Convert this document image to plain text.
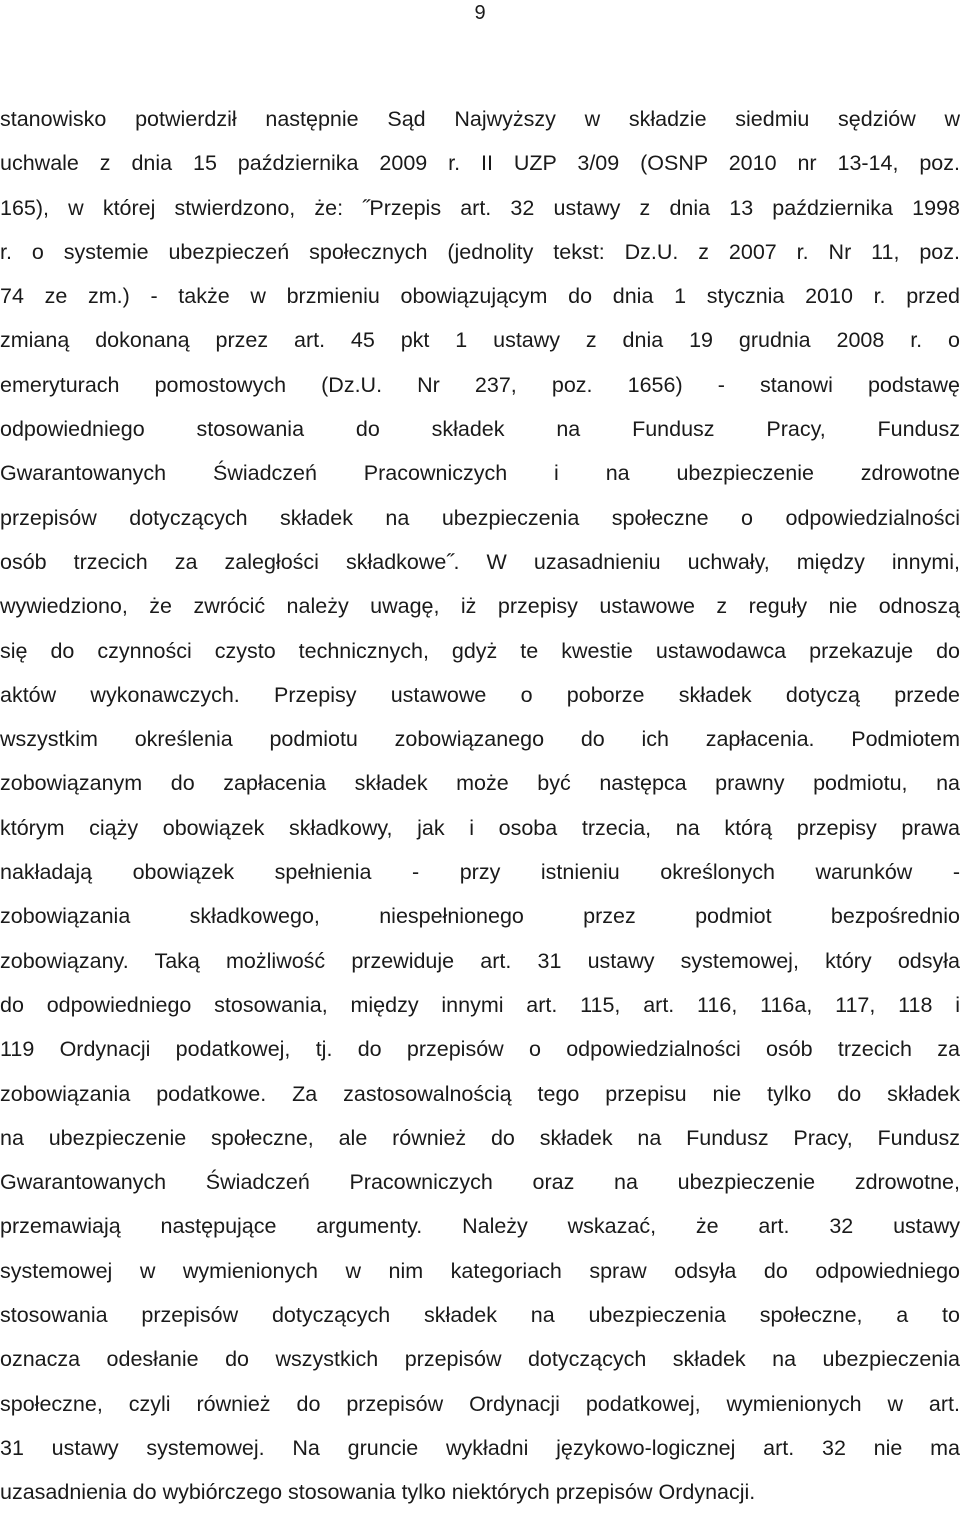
9
stanowisko potwierdził następnie Sąd Najwyższy w składzie siedmiu sędziów w
uchwale z dnia 15 października 2009 r. II UZP 3/09 (OSNP 2010 nr 13-14, poz.
165), w której stwierdzono, że: ˝Przepis art. 32 ustawy z dnia 13 października 1998
r. o systemie ubezpieczeń społecznych (jednolity tekst: Dz.U. z 2007 r. Nr 11, poz.
74 ze zm.) - także w brzmieniu obowiązującym do dnia 1 stycznia 2010 r. przed
zmianą dokonaną przez art. 45 pkt 1 ustawy z dnia 19 grudnia 2008 r. o
emeryturach pomostowych (Dz.U. Nr 237, poz. 1656) - stanowi podstawę
odpowiedniego stosowania do składek na Fundusz Pracy, Fundusz
Gwarantowanych Świadczeń Pracowniczych i na ubezpieczenie zdrowotne
przepisów dotyczących składek na ubezpieczenia społeczne o odpowiedzialności
osób trzecich za zaległości składkowe˝. W uzasadnieniu uchwały, między innymi,
wywiedziono, że zwrócić należy uwagę, iż przepisy ustawowe z reguły nie odnoszą
się do czynności czysto technicznych, gdyż te kwestie ustawodawca przekazuje do
aktów wykonawczych. Przepisy ustawowe o poborze składek dotyczą przede
wszystkim określenia podmiotu zobowiązanego do ich zapłacenia. Podmiotem
zobowiązanym do zapłacenia składek może być następca prawny podmiotu, na
którym ciąży obowiązek składkowy, jak i osoba trzecia, na którą przepisy prawa
nakładają obowiązek spełnienia - przy istnieniu określonych warunków -
zobowiązania składkowego, niespełnionego przez podmiot bezpośrednio
zobowiązany. Taką możliwość przewiduje art. 31 ustawy systemowej, który odsyła
do odpowiedniego stosowania, między innymi art. 115, art. 116, 116a, 117, 118 i
119 Ordynacji podatkowej, tj. do przepisów o odpowiedzialności osób trzecich za
zobowiązania podatkowe. Za zastosowalnością tego przepisu nie tylko do składek
na ubezpieczenie społeczne, ale również do składek na Fundusz Pracy, Fundusz
Gwarantowanych Świadczeń Pracowniczych oraz na ubezpieczenie zdrowotne,
przemawiają następujące argumenty. Należy wskazać, że art. 32 ustawy
systemowej w wymienionych w nim kategoriach spraw odsyła do odpowiedniego
stosowania przepisów dotyczących składek na ubezpieczenia społeczne, a to
oznacza odesłanie do wszystkich przepisów dotyczących składek na ubezpieczenia
społeczne, czyli również do przepisów Ordynacji podatkowej, wymienionych w art.
31 ustawy systemowej. Na gruncie wykładni językowo-logicznej art. 32 nie ma
uzasadnienia do wybiórczego stosowania tylko niektórych przepisów Ordynacji.
